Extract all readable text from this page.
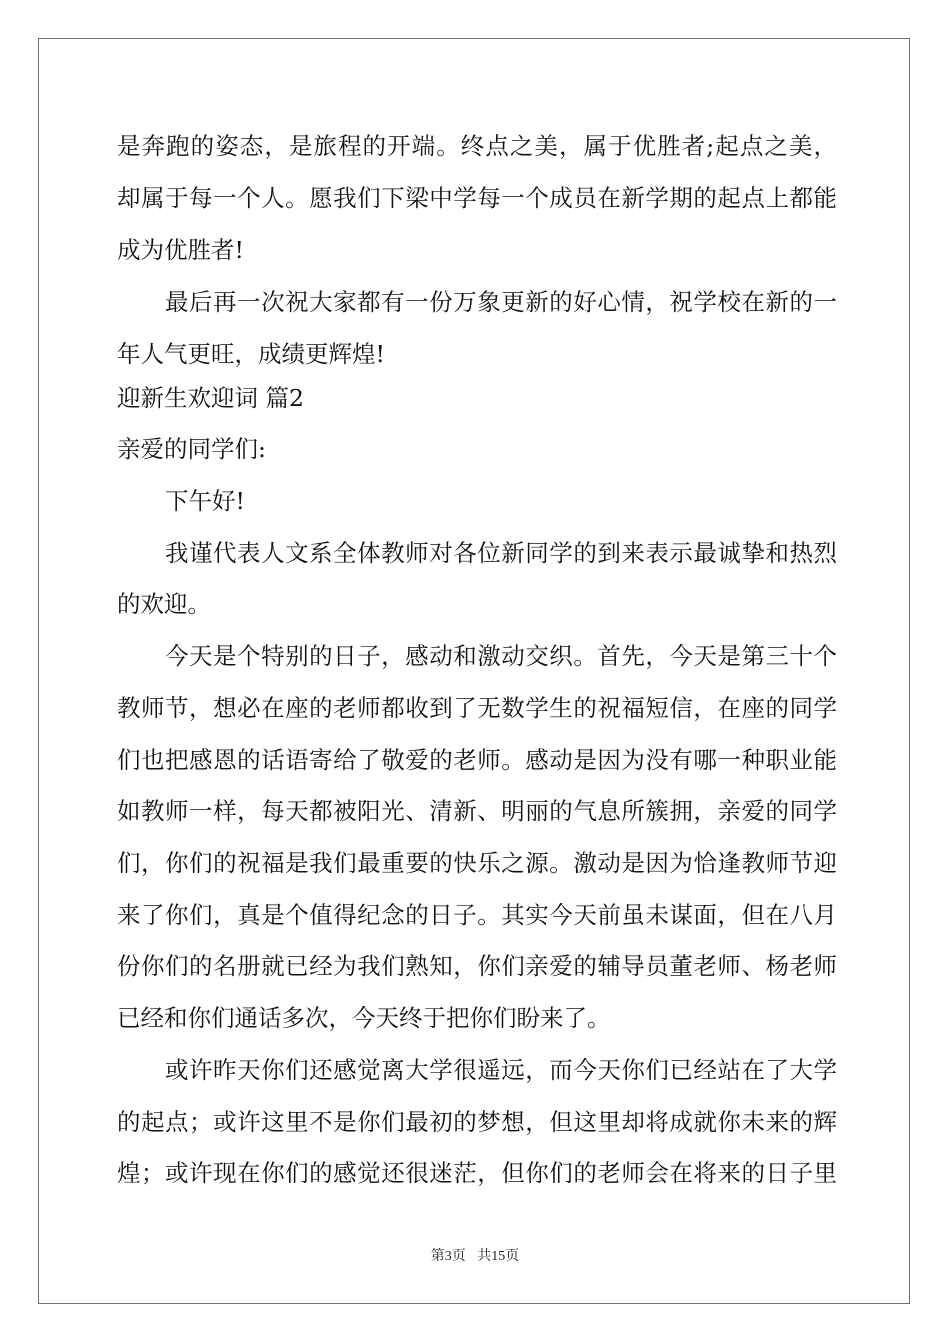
是奔跑的姿态，是旅程的开端。终点之美，属于优胜者;起点之美，
却属于每一个人。愿我们下梁中学每一个成员在新学期的起点上都能
成为优胜者!
最后再一次祝大家都有一份万象更新的好心情，祝学校在新的一
年人气更旺，成绩更辉煌!
迎新生欢迎词 篇2
亲爱的同学们:
下午好!
我谨代表人文系全体教师对各位新同学的到来表示最诚挚和热烈
的欢迎。
今天是个特别的日子，感动和激动交织。首先，今天是第三十个
教师节，想必在座的老师都收到了无数学生的祝福短信，在座的同学
们也把感恩的话语寄给了敬爱的老师。感动是因为没有哪一种职业能
如教师一样，每天都被阳光、清新、明丽的气息所簇拥，亲爱的同学
们，你们的祝福是我们最重要的快乐之源。激动是因为恰逢教师节迎
来了你们，真是个值得纪念的日子。其实今天前虽未谋面，但在八月
份你们的名册就已经为我们熟知，你们亲爱的辅导员董老师、杨老师
已经和你们通话多次，今天终于把你们盼来了。
或许昨天你们还感觉离大学很遥远，而今天你们已经站在了大学
的起点；或许这里不是你们最初的梦想，但这里却将成就你未来的辉
煌；或许现在你们的感觉还很迷茫，但你们的老师会在将来的日子里
第3页 共15页
